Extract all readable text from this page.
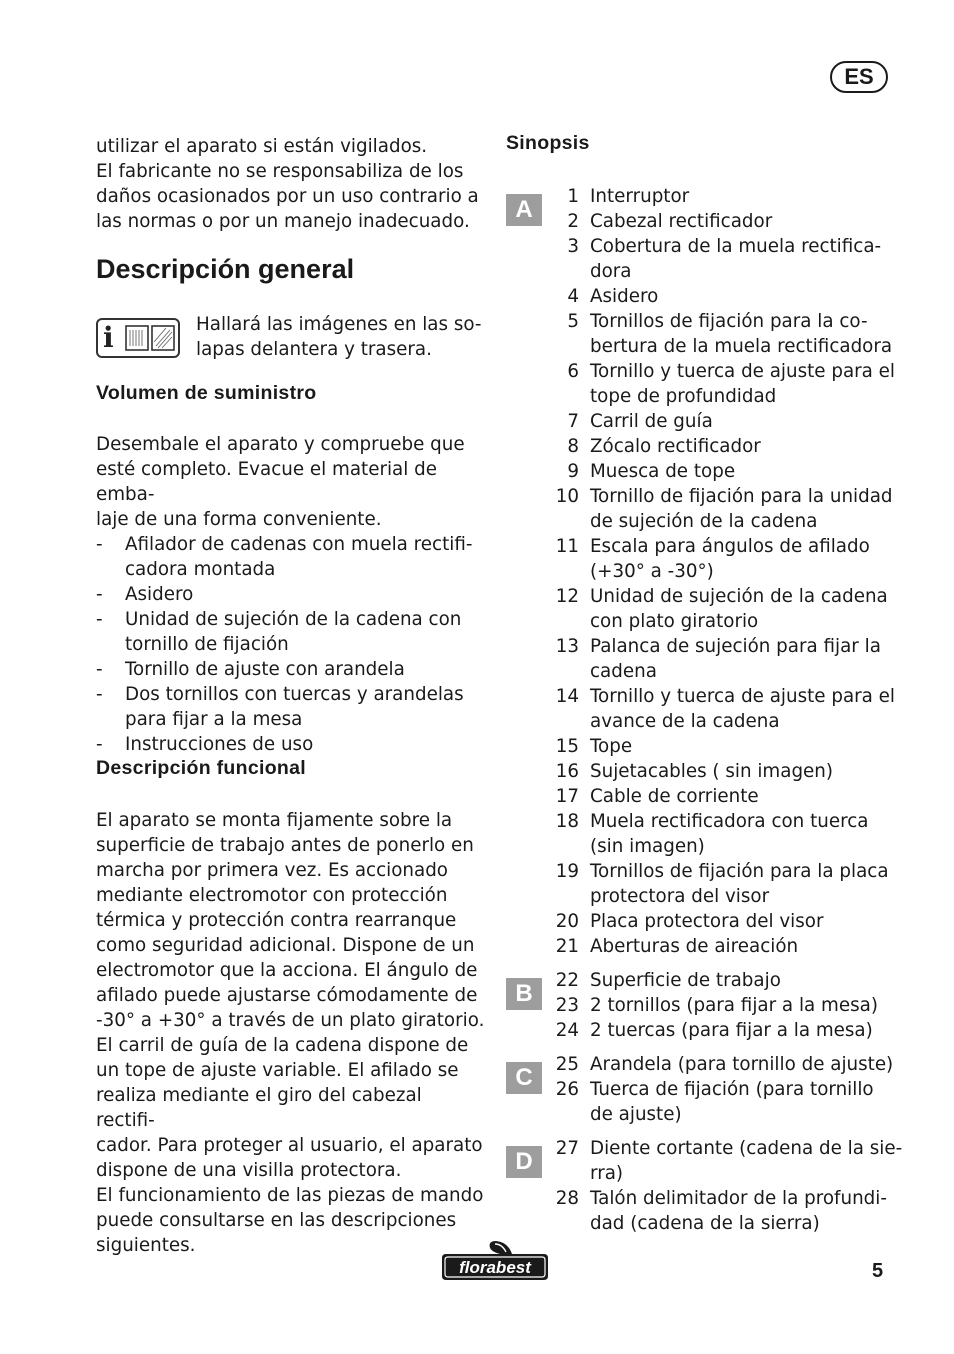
ES
utilizar el aparato si están vigilados.
El fabricante no se responsabiliza de los
daños ocasionados por un uso contrario a
las normas o por un manejo inadecuado.
Descripción general
i	Hallará las imágenes en las so-
lapas delantera y trasera.
Volumen de suministro
Desembale el aparato y compruebe que
esté completo. Evacue el material de emba-
laje de una forma conveniente.
- Afilador de cadenas con muela rectifi-
cadora montada
- Asidero
- Unidad de sujeción de la cadena con
tornillo de fijación
- Tornillo de ajuste con arandela
- Dos tornillos con tuercas y arandelas
para fijar a la mesa
- Instrucciones de uso
Descripción funcional
El aparato se monta fijamente sobre la
superficie de trabajo antes de ponerlo en
marcha por primera vez. Es accionado
mediante electromotor con protección
térmica y protección contra rearranque
como seguridad adicional. Dispone de un
electromotor que la acciona. El ángulo de
afilado puede ajustarse cómodamente de
-30° a +30° a través de un plato giratorio.
El carril de guía de la cadena dispone de
un tope de ajuste variable. El afilado se
realiza mediante el giro del cabezal rectifi-
cador. Para proteger al usuario, el aparato
dispone de una visilla protectora.
El funcionamiento de las piezas de mando
puede consultarse en las descripciones
siguientes.
Sinopsis
A	1 Interruptor
2 Cabezal rectificador
3 Cobertura de la muela rectifica-
dora
4 Asidero
5 Tornillos de fijación para la co-
bertura de la muela rectificadora
6 Tornillo y tuerca de ajuste para el
tope de profundidad
7 Carril de guía
8 Zócalo rectificador
9 Muesca de tope
10 Tornillo de fijación para la unidad
de sujeción de la cadena
11 Escala para ángulos de afilado
(+30° a -30°)
12 Unidad de sujeción de la cadena
con plato giratorio
13 Palanca de sujeción para fijar la
cadena
14 Tornillo y tuerca de ajuste para el
avance de la cadena
15 Tope
16 Sujetacables ( sin imagen)
17 Cable de corriente
18 Muela rectificadora con tuerca
(sin imagen)
19 Tornillos de fijación para la placa
protectora del visor
20 Placa protectora del visor
21 Aberturas de aireación
B	22 Superficie de trabajo
23 2 tornillos (para fijar a la mesa)
24 2 tuercas (para fijar a la mesa)
C	25 Arandela (para tornillo de ajuste)
26 Tuerca de fijación (para tornillo
de ajuste)
D	27 Diente cortante (cadena de la sie-
rra)
28 Talón delimitador de la profundi-
dad (cadena de la sierra)
florabest	5
